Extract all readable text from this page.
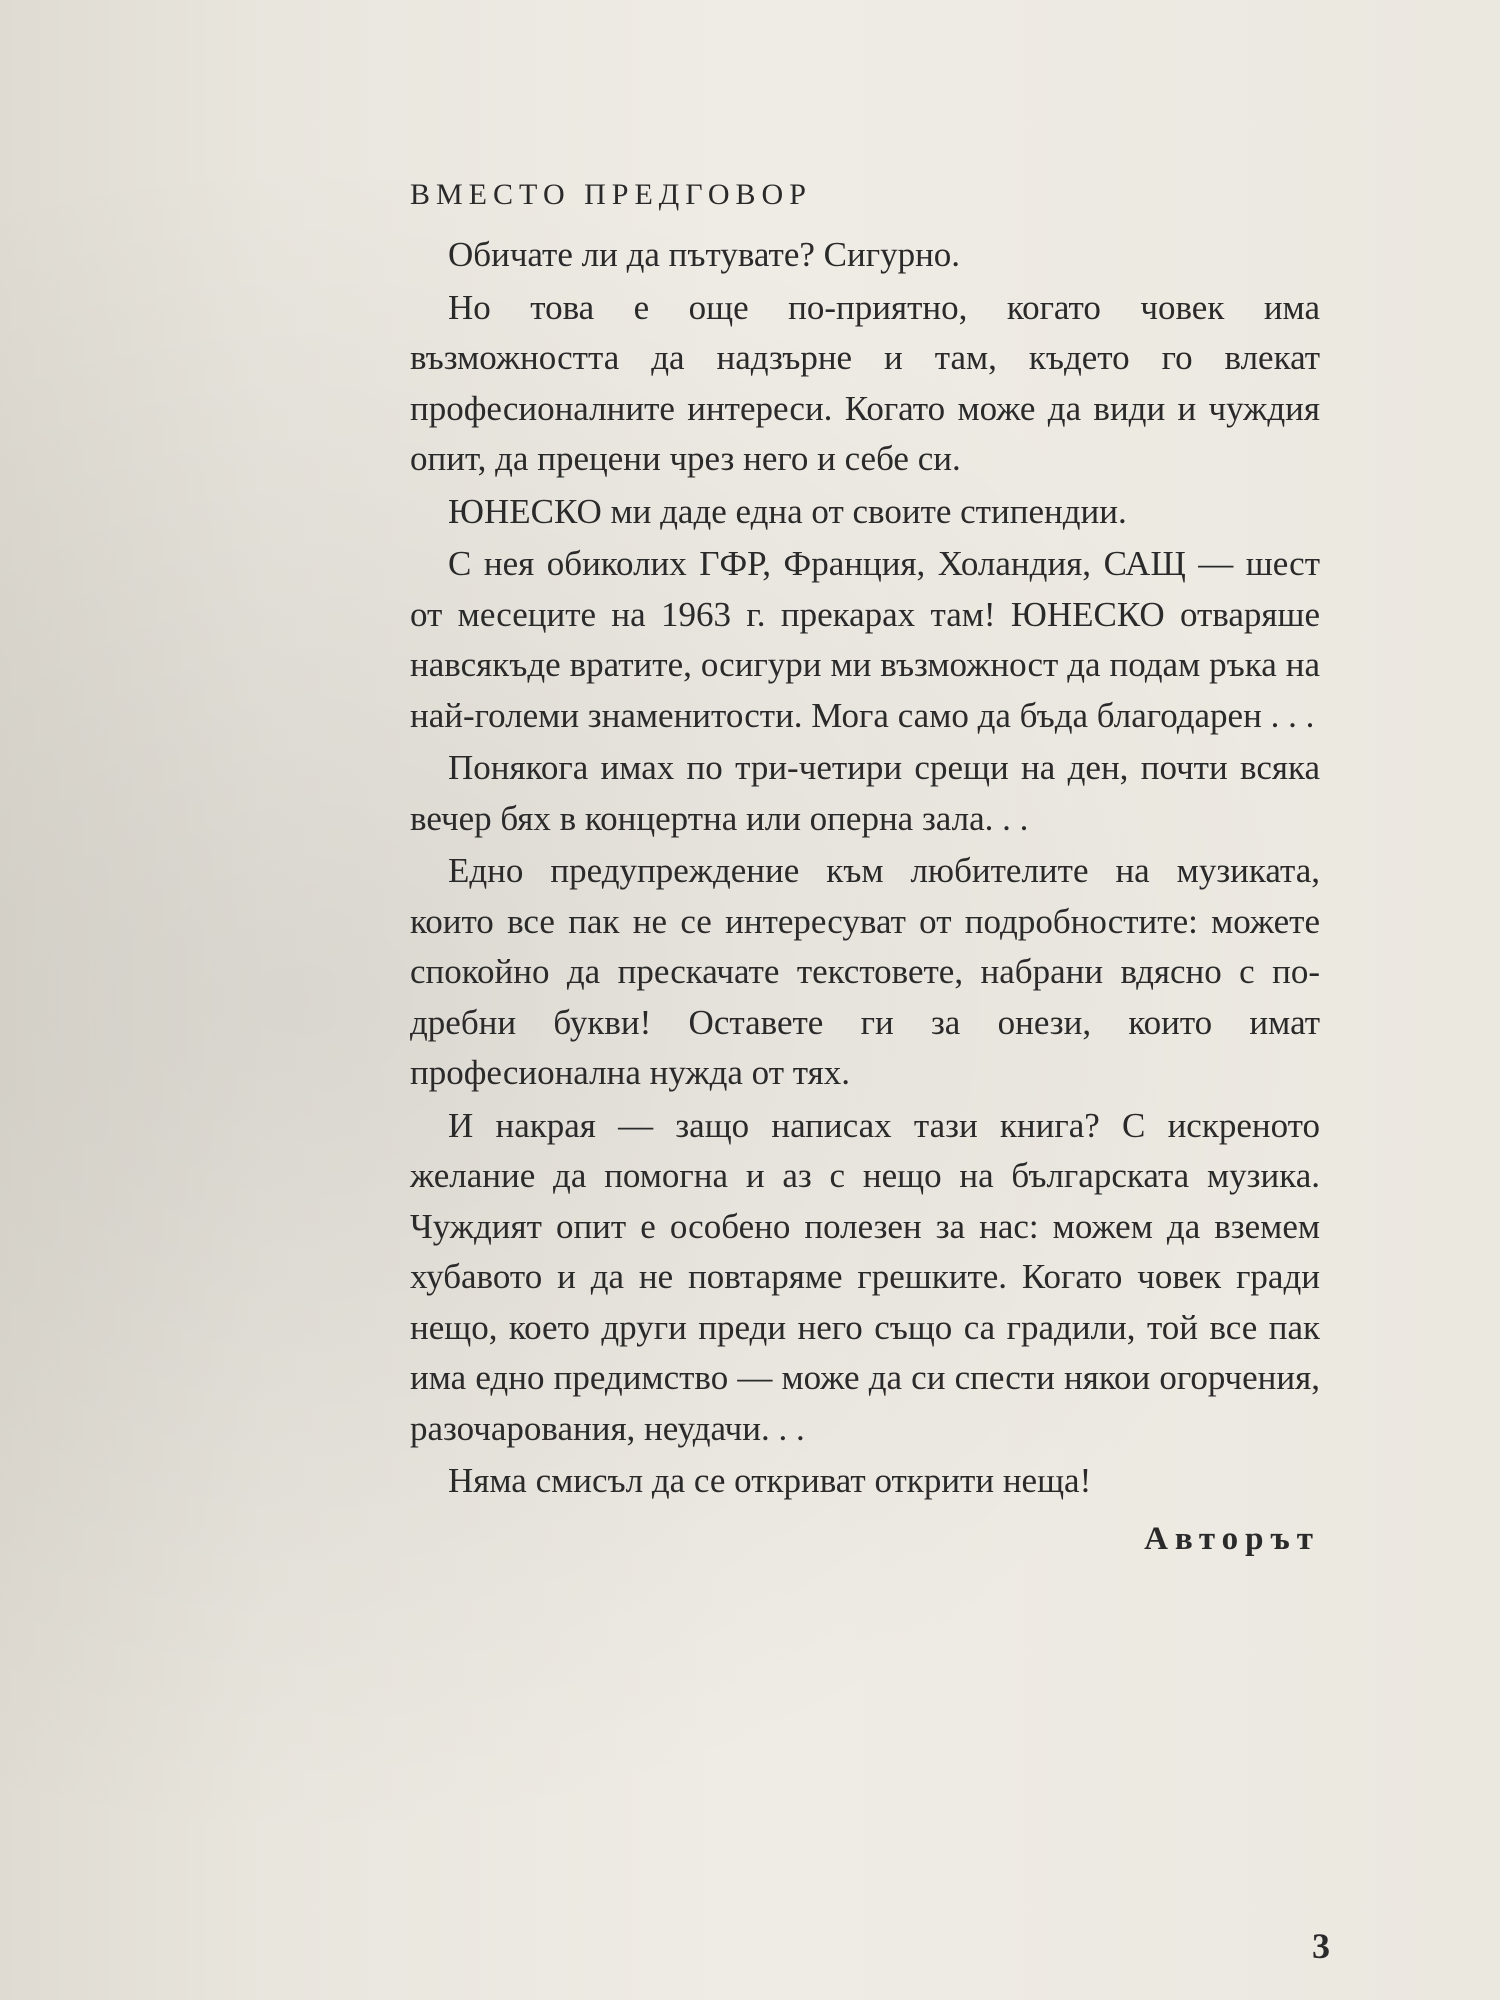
ВМЕСТО ПРЕДГОВОР

Обичате ли да пътувате? Сигурно.

Но това е още по-приятно, когато човек има възможността да надзърне и там, където го влекат професионалните интереси. Когато може да види и чуждия опит, да прецени чрез него и себе си.

ЮНЕСКО ми даде една от своите стипендии.

С нея обиколих ГФР, Франция, Холандия, САЩ — шест от месеците на 1963 г. прекарах там! ЮНЕСКО отваряше навсякъде вратите, осигури ми възможност да подам ръка на най-големи знаменитости. Мога само да бъда благодарен . . .

Понякога имах по три-четири срещи на ден, почти всяка вечер бях в концертна или оперна зала. . .

Едно предупреждение към любителите на музиката, които все пак не се интересуват от подробностите: можете спокойно да прескачате текстовете, набрани вдясно с по-дребни букви! Оставете ги за онези, които имат професионална нужда от тях.

И накрая — защо написах тази книга? С искреното желание да помогна и аз с нещо на българската музика. Чуждият опит е особено полезен за нас: можем да вземем хубавото и да не повтаряме грешките. Когато човек гради нещо, което други преди него също са градили, той все пак има едно предимство — може да си спести някои огорчения, разочарования, неудачи. . .

Няма смисъл да се откриват открити неща!

Авторът

3
